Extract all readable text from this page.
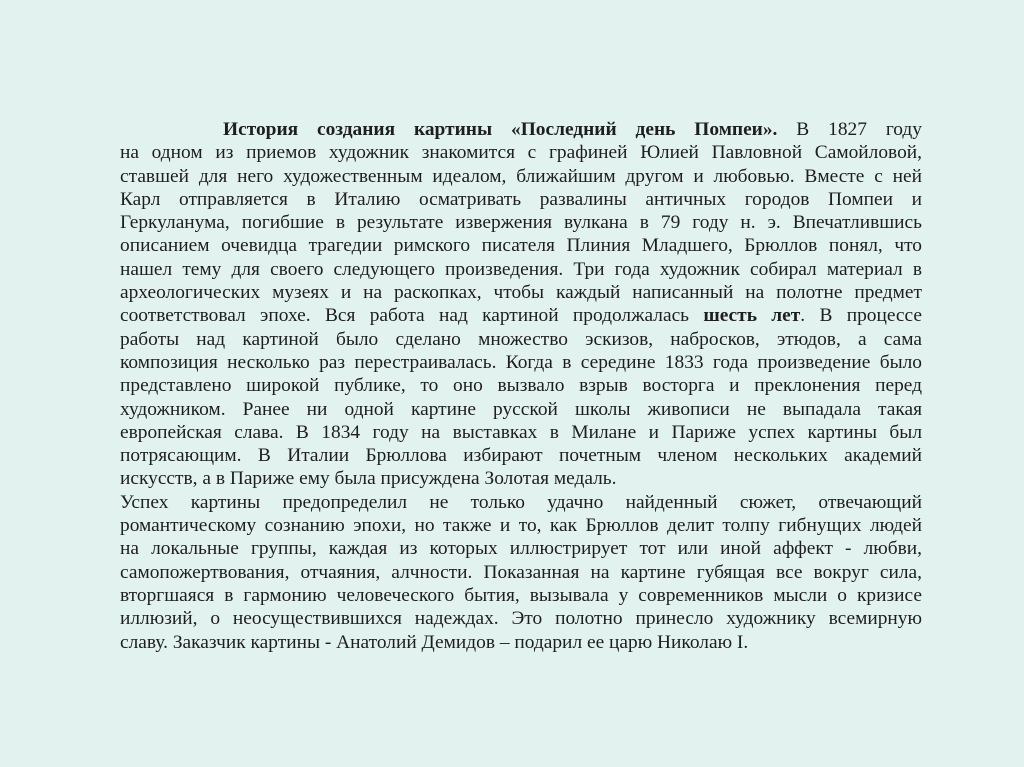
История создания картины «Последний день Помпеи». В 1827 году
на одном из приемов художник знакомится с графиней Юлией Павловной Самойловой,
ставшей для него художественным идеалом, ближайшим другом и любовью. Вместе с ней
Карл отправляется в Италию осматривать развалины античных городов Помпеи и
Геркуланума, погибшие в результате извержения вулкана в 79 году н. э. Впечатлившись
описанием очевидца трагедии римского писателя Плиния Младшего, Брюллов понял, что
нашел тему для своего следующего произведения. Три года художник собирал материал в
археологических музеях и на раскопках, чтобы каждый написанный на полотне предмет
соответствовал эпохе. Вся работа над картиной продолжалась шесть лет. В процессе
работы над картиной было сделано множество эскизов, набросков, этюдов, а сама
композиция несколько раз перестраивалась. Когда в середине 1833 года произведение было
представлено широкой публике, то оно вызвало взрыв восторга и преклонения перед
художником. Ранее ни одной картине русской школы живописи не выпадала такая
европейская слава. В 1834 году на выставках в Милане и Париже успех картины был
потрясающим. В Италии Брюллова избирают почетным членом нескольких академий
искусств, а в Париже ему была присуждена Золотая медаль.
Успех картины предопределил не только удачно найденный сюжет, отвечающий
романтическому сознанию эпохи, но также и то, как Брюллов делит толпу гибнущих людей
на локальные группы, каждая из которых иллюстрирует тот или иной аффект - любви,
самопожертвования, отчаяния, алчности. Показанная на картине губящая все вокруг сила,
вторгшаяся в гармонию человеческого бытия, вызывала у современников мысли о кризисе
иллюзий, о неосуществившихся надеждах. Это полотно принесло художнику всемирную
славу. Заказчик картины - Анатолий Демидов – подарил ее царю Николаю I.
